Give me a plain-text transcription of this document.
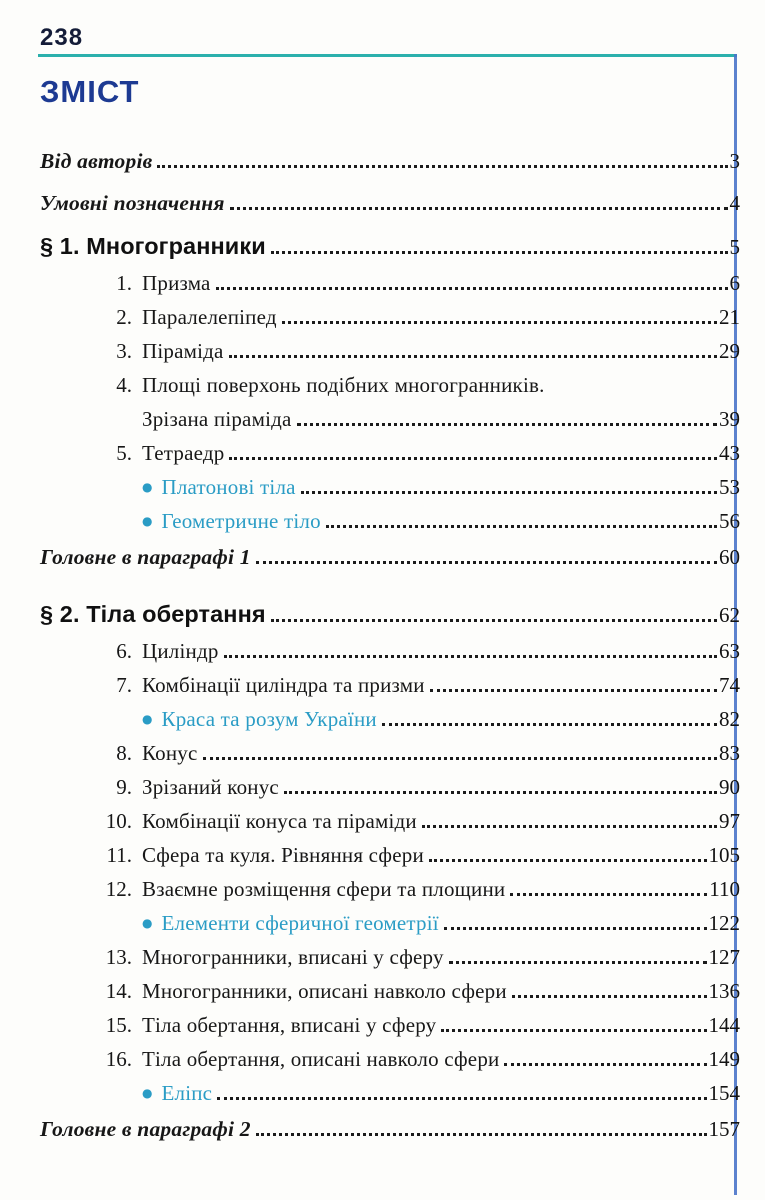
238
ЗМІСТ
Від авторів	3
Умовні позначення	4
§ 1. Многогранники	5
1. Призма	6
2. Паралелепіпед	21
3. Піраміда	29
4. Площі поверхонь подібних многогранників.
Зрізана піраміда	39
5. Тетраедр	43
● Платонові тіла	53
● Геометричне тіло	56
Головне в параграфі 1	60
§ 2. Тіла обертання	62
6. Циліндр	63
7. Комбінації циліндра та призми	74
● Краса та розум України	82
8. Конус	83
9. Зрізаний конус	90
10. Комбінації конуса та піраміди	97
11. Сфера та куля. Рівняння сфери	105
12. Взаємне розміщення сфери та площини	110
● Елементи сферичної геометрії	122
13. Многогранники, вписані у сферу	127
14. Многогранники, описані навколо сфери	136
15. Тіла обертання, вписані у сферу	144
16. Тіла обертання, описані навколо сфери	149
● Еліпс	154
Головне в параграфі 2	157
